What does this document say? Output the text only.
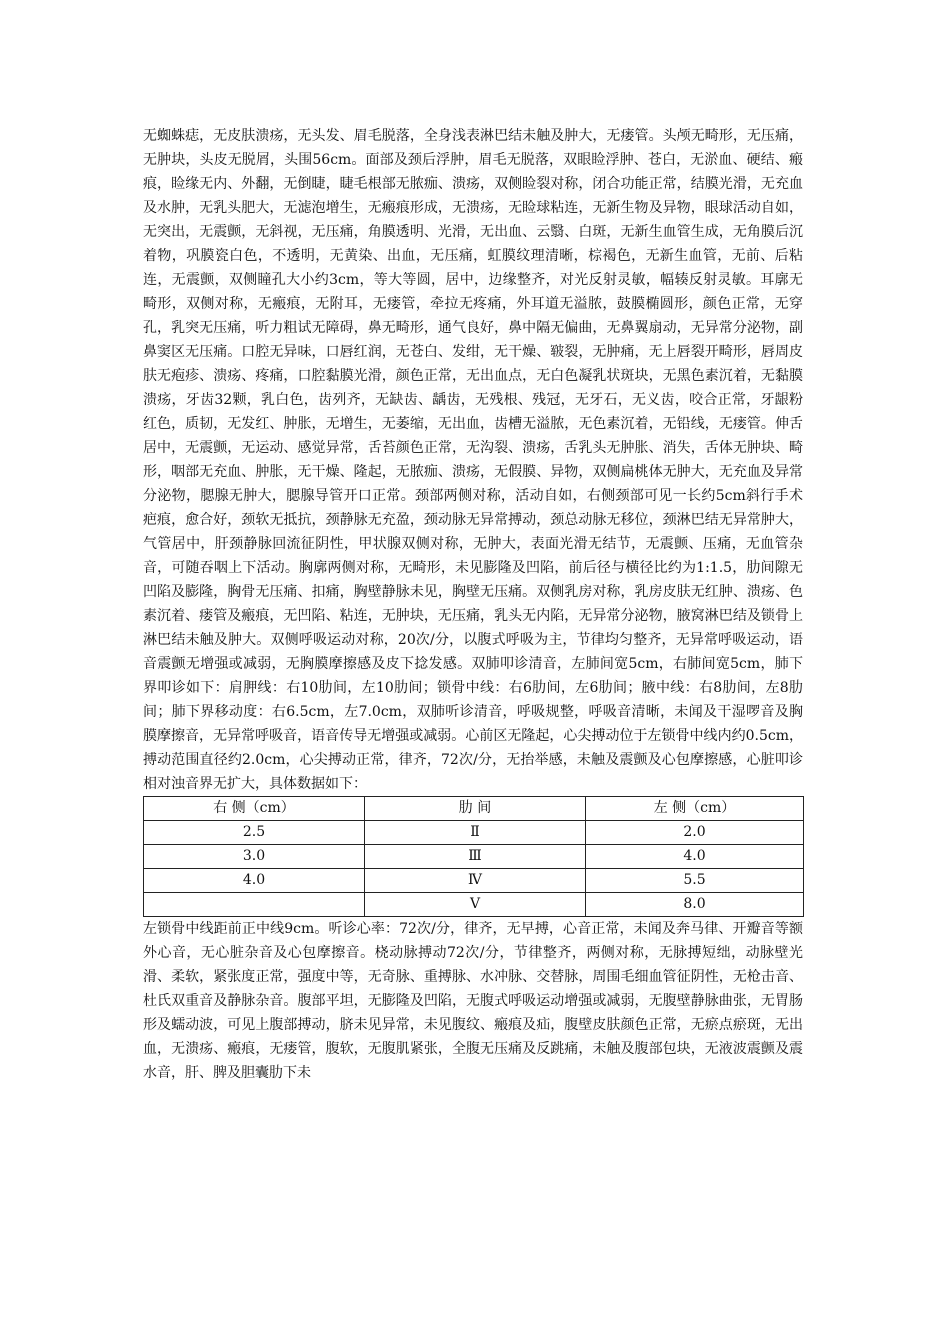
无蜘蛛痣，无皮肤溃疡，无头发、眉毛脱落，全身浅表淋巴结未触及肿大，无瘘管。头颅无畸形，无压痛，无肿块，头皮无脱屑，头围56cm。面部及颈后浮肿，眉毛无脱落，双眼睑浮肿、苍白，无淤血、硬结、瘢痕，睑缘无内、外翻，无倒睫，睫毛根部无脓痂、溃疡，双侧睑裂对称，闭合功能正常，结膜光滑，无充血及水肿，无乳头肥大，无滤泡增生，无瘢痕形成，无溃疡，无睑球粘连，无新生物及异物，眼球活动自如，无突出，无震颤，无斜视，无压痛，角膜透明、光滑，无出血、云翳、白斑，无新生血管生成，无角膜后沉着物，巩膜瓷白色，不透明，无黄染、出血，无压痛，虹膜纹理清晰，棕褐色，无新生血管，无前、后粘连，无震颤，双侧瞳孔大小约3cm，等大等圆，居中，边缘整齐，对光反射灵敏，幅辏反射灵敏。耳廓无畸形，双侧对称，无瘢痕，无附耳，无瘘管，牵拉无疼痛，外耳道无溢脓，鼓膜椭圆形，颜色正常，无穿孔，乳突无压痛，听力粗试无障碍，鼻无畸形，通气良好，鼻中隔无偏曲，无鼻翼扇动，无异常分泌物，副鼻窦区无压痛。口腔无异味，口唇红润，无苍白、发绀，无干燥、皲裂，无肿痛，无上唇裂开畸形，唇周皮肤无疱疹、溃疡、疼痛，口腔黏膜光滑，颜色正常，无出血点，无白色凝乳状斑块，无黑色素沉着，无黏膜溃疡，牙齿32颗，乳白色，齿列齐，无缺齿、龋齿，无残根、残冠，无牙石，无义齿，咬合正常，牙龈粉红色，质韧，无发红、肿胀，无增生，无萎缩，无出血，齿槽无溢脓，无色素沉着，无铅线，无瘘管。伸舌居中，无震颤，无运动、感觉异常，舌苔颜色正常，无沟裂、溃疡，舌乳头无肿胀、消失，舌体无肿块、畸形，咽部无充血、肿胀，无干燥、隆起，无脓痂、溃疡，无假膜、异物，双侧扁桃体无肿大，无充血及异常分泌物，腮腺无肿大，腮腺导管开口正常。颈部两侧对称，活动自如，右侧颈部可见一长约5cm斜行手术疤痕，愈合好，颈软无抵抗，颈静脉无充盈，颈动脉无异常搏动，颈总动脉无移位，颈淋巴结无异常肿大，气管居中，肝颈静脉回流征阴性，甲状腺双侧对称，无肿大，表面光滑无结节，无震颤、压痛，无血管杂音，可随吞咽上下活动。胸廓两侧对称，无畸形，未见膨隆及凹陷，前后径与横径比约为1:1.5，肋间隙无凹陷及膨隆，胸骨无压痛、扣痛，胸壁静脉未见，胸壁无压痛。双侧乳房对称，乳房皮肤无红肿、溃疡、色素沉着、瘘管及瘢痕，无凹陷、粘连，无肿块，无压痛，乳头无内陷，无异常分泌物，腋窝淋巴结及锁骨上淋巴结未触及肿大。双侧呼吸运动对称，20次/分，以腹式呼吸为主，节律均匀整齐，无异常呼吸运动，语音震颤无增强或减弱，无胸膜摩擦感及皮下捻发感。双肺叩诊清音，左肺间宽5cm，右肺间宽5cm，肺下界叩诊如下：肩胛线：右10肋间，左10肋间；锁骨中线：右6肋间，左6肋间；腋中线：右8肋间，左8肋间；肺下界移动度：右6.5cm，左7.0cm，双肺听诊清音，呼吸规整，呼吸音清晰，未闻及干湿啰音及胸膜摩擦音，无异常呼吸音，语音传导无增强或减弱。心前区无隆起，心尖搏动位于左锁骨中线内约0.5cm，搏动范围直径约2.0cm，心尖搏动正常，律齐，72次/分，无抬举感，未触及震颤及心包摩擦感，心脏叩诊相对浊音界无扩大，具体数据如下：

右 侧（cm）	肋 间	左 侧（cm）
2.5	Ⅱ	2.0
3.0	Ⅲ	4.0
4.0	Ⅳ	5.5
	Ⅴ	8.0

左锁骨中线距前正中线9cm。听诊心率：72次/分，律齐，无早搏，心音正常，未闻及奔马律、开瓣音等额外心音，无心脏杂音及心包摩擦音。桡动脉搏动72次/分，节律整齐，两侧对称，无脉搏短绌，动脉壁光滑、柔软，紧张度正常，强度中等，无奇脉、重搏脉、水冲脉、交替脉，周围毛细血管征阴性，无枪击音、杜氏双重音及静脉杂音。腹部平坦，无膨隆及凹陷，无腹式呼吸运动增强或减弱，无腹壁静脉曲张，无胃肠形及蠕动波，可见上腹部搏动，脐未见异常，未见腹纹、瘢痕及疝，腹壁皮肤颜色正常，无瘀点瘀斑，无出血，无溃疡、瘢痕，无瘘管，腹软，无腹肌紧张，全腹无压痛及反跳痛，未触及腹部包块，无液波震颤及震水音，肝、脾及胆囊肋下未
